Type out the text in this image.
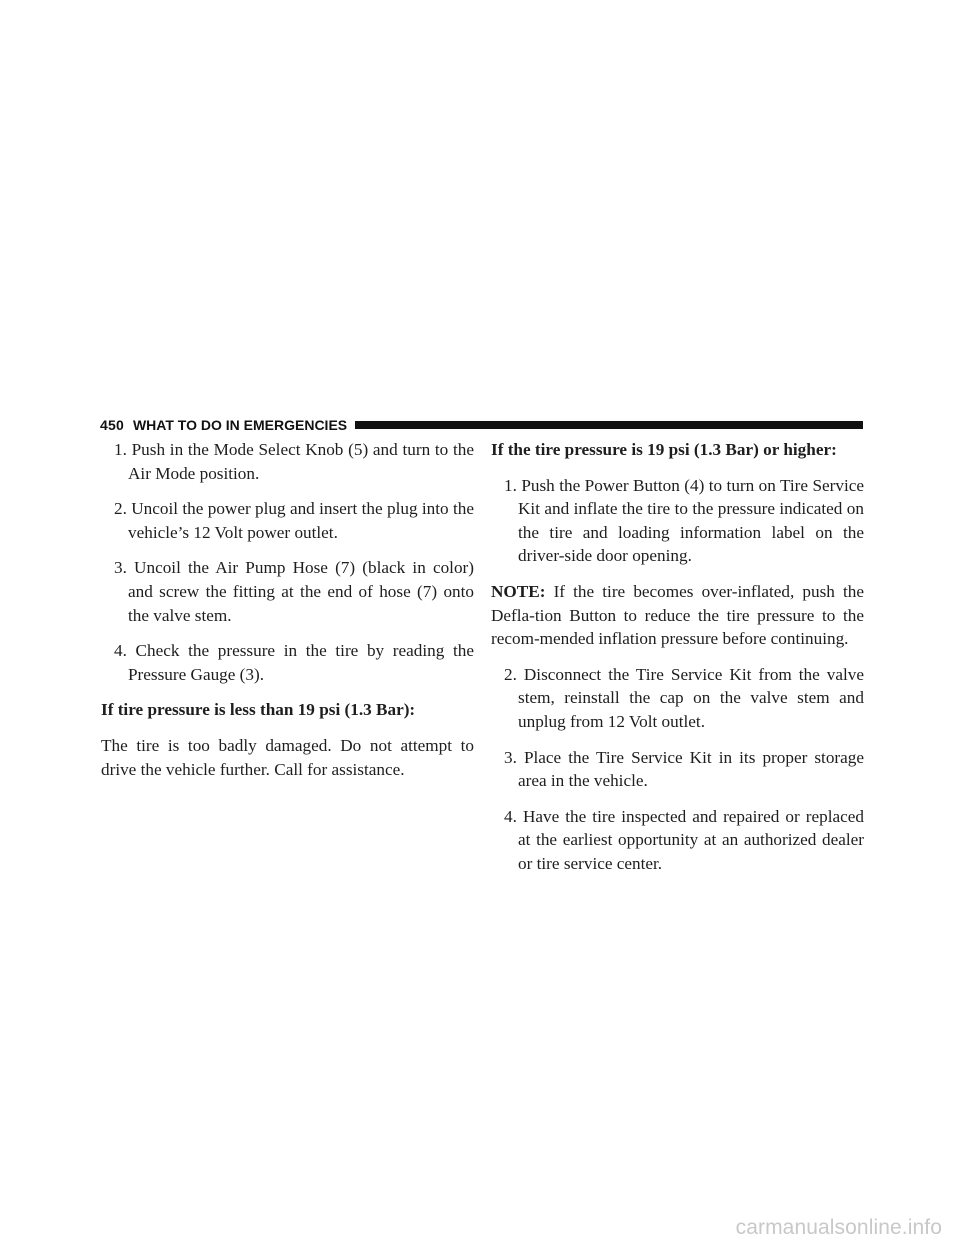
450 WHAT TO DO IN EMERGENCIES

1. Push in the Mode Select Knob (5) and turn to the Air Mode position.

2. Uncoil the power plug and insert the plug into the vehicle’s 12 Volt power outlet.

3. Uncoil the Air Pump Hose (7) (black in color) and screw the fitting at the end of hose (7) onto the valve stem.

4. Check the pressure in the tire by reading the Pressure Gauge (3).

If tire pressure is less than 19 psi (1.3 Bar):

The tire is too badly damaged. Do not attempt to drive the vehicle further. Call for assistance.

If the tire pressure is 19 psi (1.3 Bar) or higher:

1. Push the Power Button (4) to turn on Tire Service Kit and inflate the tire to the pressure indicated on the tire and loading information label on the driver-side door opening.

NOTE: If the tire becomes over-inflated, push the Defla-tion Button to reduce the tire pressure to the recom-mended inflation pressure before continuing.

2. Disconnect the Tire Service Kit from the valve stem, reinstall the cap on the valve stem and unplug from 12 Volt outlet.

3. Place the Tire Service Kit in its proper storage area in the vehicle.

4. Have the tire inspected and repaired or replaced at the earliest opportunity at an authorized dealer or tire service center.

carmanualsonline.info
